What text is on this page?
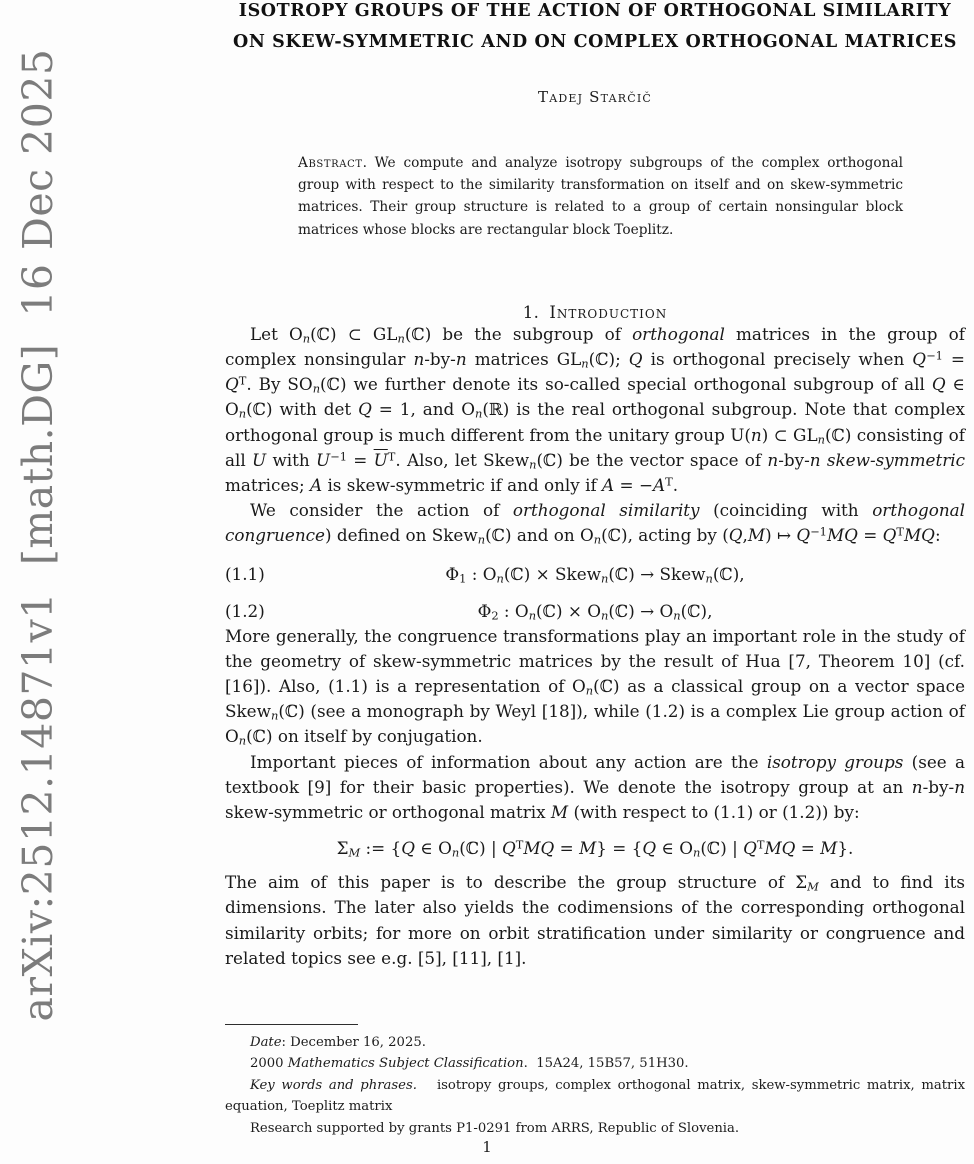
arXiv:2512.14871v1  [math.DG]  16 Dec 2025
ISOTROPY GROUPS OF THE ACTION OF ORTHOGONAL SIMILARITY
ON SKEW-SYMMETRIC AND ON COMPLEX ORTHOGONAL MATRICES
Tadej Starčič
Abstract. We compute and analyze isotropy subgroups of the complex orthogonal group with respect to the similarity transformation on itself and on skew-symmetric matrices. Their group structure is related to a group of certain nonsingular block matrices whose blocks are rectangular block Toeplitz.
1. Introduction

Let $O_n(ℂ)$ ⊂ $GL_n(ℂ)$ be the subgroup of orthogonal matrices in the group of complex nonsingular n-by-n matrices $GL_n(ℂ)$; Q is orthogonal precisely when $Q^{-1} = Q^T$. By $SO_n(ℂ)$ we further denote its so-called special orthogonal subgroup of all Q ∈ $O_n(ℂ)$ with det Q = 1, and $O_n(ℝ)$ is the real orthogonal subgroup. Note that complex orthogonal group is much different from the unitary group U(n) ⊂ $GL_n(ℂ)$ consisting of all U with $U^{-1} = \overline{U}^T$. Also, let Skew$_n$(ℂ) be the vector space of n-by-n skew-symmetric matrices; A is skew-symmetric if and only if $A = -A^T$.

We consider the action of orthogonal similarity (coinciding with orthogonal congruence) defined on Skew$_n$(ℂ) and on $O_n(ℂ)$, acting by (Q,M) ↦ $Q^{-1}MQ = Q^TMQ$:

(1.1)	$\Phi_1$ : $O_n(ℂ)$ × Skew$_n$(ℂ) → Skew$_n$(ℂ),
(1.2)	$\Phi_2$ : $O_n(ℂ)$ × $O_n(ℂ)$ → $O_n(ℂ)$,

More generally, the congruence transformations play an important role in the study of the geometry of skew-symmetric matrices by the result of Hua [7, Theorem 10] (cf. [16]). Also, (1.1) is a representation of $O_n(ℂ)$ as a classical group on a vector space Skew$_n$(ℂ) (see a monograph by Weyl [18]), while (1.2) is a complex Lie group action of $O_n(ℂ)$ on itself by conjugation.

Important pieces of information about any action are the isotropy groups (see a textbook [9] for their basic properties). We denote the isotropy group at an n-by-n skew-symmetric or orthogonal matrix M (with respect to (1.1) or (1.2)) by:

$\Sigma_M$ := {Q ∈ $O_n(ℂ)$ | $Q^TMQ = M\} = \{Q$ ∈ $O_n(ℂ)$ | $Q^TMQ = M$}.

The aim of this paper is to describe the group structure of $\Sigma_M$ and to find its dimensions. The later also yields the codimensions of the corresponding orthogonal similarity orbits; for more on orbit stratification under similarity or congruence and related topics see e.g. [5], [11], [1].

Date: December 16, 2025.

2000 Mathematics Subject Classification.  15A24, 15B57, 51H30.

Key words and phrases.   isotropy groups, complex orthogonal matrix, skew-symmetric matrix, matrix equation, Toeplitz matrix

Research supported by grants P1-0291 from ARRS, Republic of Slovenia.

1
